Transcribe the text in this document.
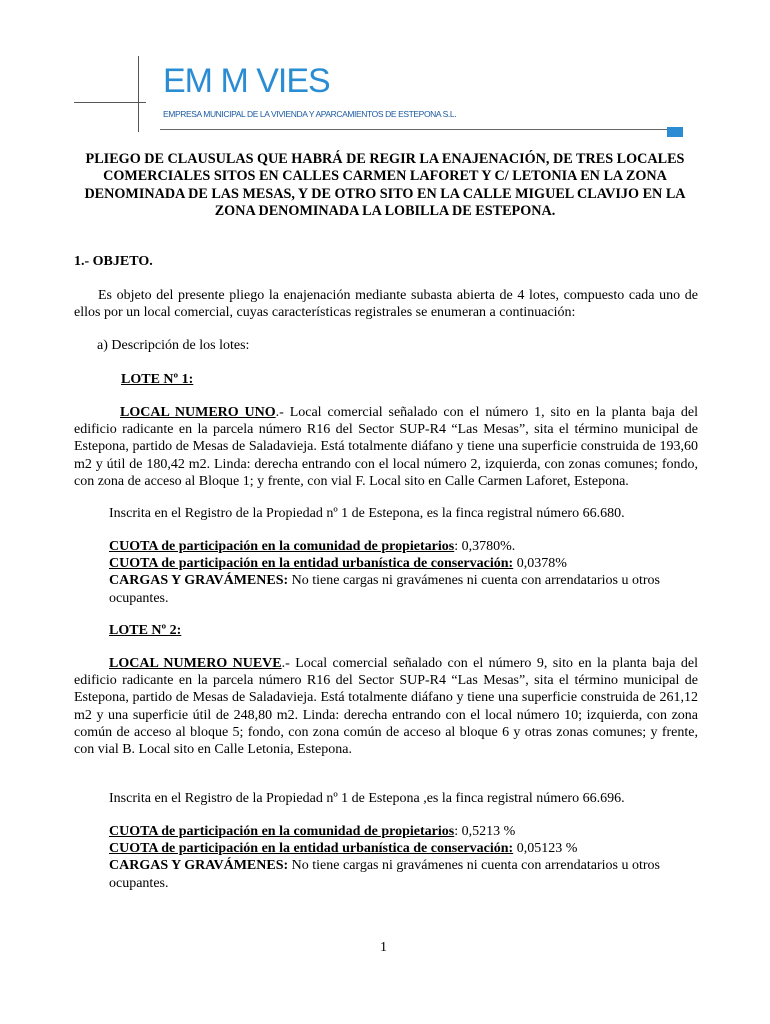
EM M VIES
EMPRESA MUNICIPAL DE LA VIVIENDA Y APARCAMIENTOS DE ESTEPONA S.L.
PLIEGO DE CLAUSULAS QUE HABRÁ DE REGIR LA ENAJENACIÓN, DE TRES LOCALES COMERCIALES SITOS EN CALLES CARMEN LAFORET Y C/ LETONIA EN LA ZONA DENOMINADA DE LAS MESAS, Y DE OTRO SITO EN LA CALLE MIGUEL CLAVIJO EN LA ZONA DENOMINADA LA LOBILLA DE ESTEPONA.
1.- OBJETO.
Es objeto del presente pliego la enajenación mediante subasta abierta de 4 lotes, compuesto cada uno de ellos por un local comercial, cuyas características registrales se enumeran a continuación:
a) Descripción de los lotes:
LOTE Nº 1:
LOCAL NUMERO UNO.- Local comercial señalado con el número 1, sito en la planta baja del edificio radicante en la parcela número R16 del Sector SUP-R4 “Las Mesas”, sita el término municipal de Estepona, partido de Mesas de Saladavieja. Está totalmente diáfano y tiene una superficie construida de 193,60 m2 y útil de 180,42 m2. Linda: derecha entrando con el local número 2, izquierda, con zonas comunes; fondo, con zona de acceso al Bloque 1; y frente, con vial F. Local sito en Calle Carmen Laforet, Estepona.
Inscrita en el Registro de la Propiedad nº 1 de Estepona, es la finca registral número 66.680.
CUOTA de participación en la comunidad de propietarios: 0,3780%.
CUOTA de participación en la entidad urbanística de conservación: 0,0378%
CARGAS Y GRAVÁMENES: No tiene cargas ni gravámenes ni cuenta con arrendatarios u otros ocupantes.
LOTE Nº 2:
LOCAL NUMERO NUEVE.- Local comercial señalado con el número 9, sito en la planta baja del edificio radicante en la parcela número R16 del Sector SUP-R4 “Las Mesas”, sita el término municipal de Estepona, partido de Mesas de Saladavieja. Está totalmente diáfano y tiene una superficie construida de 261,12 m2 y una superficie útil de 248,80 m2. Linda: derecha entrando con el local número 10; izquierda, con zona común de acceso al bloque 5; fondo, con zona común de acceso al bloque 6 y otras zonas comunes; y frente, con vial B. Local sito en Calle Letonia, Estepona.
Inscrita en el Registro de la Propiedad nº 1 de Estepona ,es la finca registral número 66.696.
CUOTA de participación en la comunidad de propietarios: 0,5213 %
CUOTA de participación en la entidad urbanística de conservación: 0,05123 %
CARGAS Y GRAVÁMENES: No tiene cargas ni gravámenes ni cuenta con arrendatarios u otros ocupantes.
1
